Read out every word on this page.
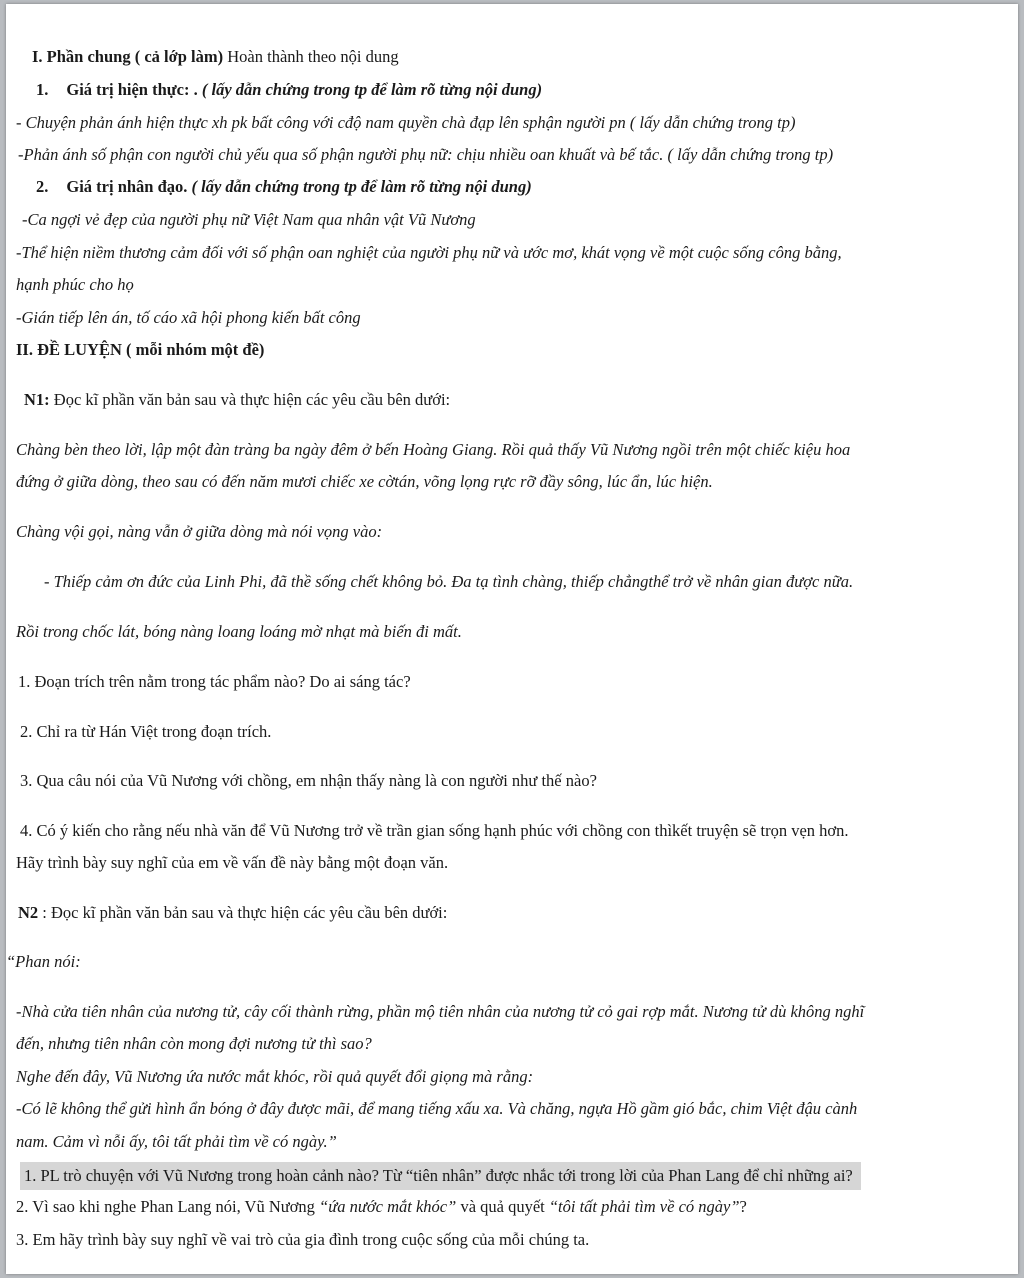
I. Phần chung ( cả lớp làm) Hoàn thành theo nội dung
1. Giá trị hiện thực: . ( lấy dẫn chứng trong tp để làm rõ từng nội dung)
- Chuyện phản ánh hiện thực xh pk bất công với cđộ nam quyền chà đạp lên sphận người pn ( lấy dẫn chứng trong tp)
-Phản ánh số phận con người chủ yếu qua số phận người phụ nữ: chịu nhiều oan khuất và bế tắc. ( lấy dẫn chứng trong tp)
2. Giá trị nhân đạo. ( lấy dẫn chứng trong tp để làm rõ từng nội dung)
-Ca ngợi vẻ đẹp của người phụ nữ Việt Nam qua nhân vật Vũ Nương
-Thể hiện niềm thương cảm đối với số phận oan nghiệt của người phụ nữ và ước mơ, khát vọng về một cuộc sống công bằng,
hạnh phúc cho họ
-Gián tiếp lên án, tố cáo xã hội phong kiến bất công
II. ĐỀ LUYỆN ( mỗi nhóm một đề)
N1: Đọc kĩ phần văn bản sau và thực hiện các yêu cầu bên dưới:
Chàng bèn theo lời, lập một đàn tràng ba ngày đêm ở bến Hoàng Giang. Rồi quả thấy Vũ Nương ngồi trên một chiếc kiệu hoa
đứng ở giữa dòng, theo sau có đến năm mươi chiếc xe cờtán, võng lọng rực rỡ đầy sông, lúc ẩn, lúc hiện.
Chàng vội gọi, nàng vẫn ở giữa dòng mà nói vọng vào:
- Thiếp cảm ơn đức của Linh Phi, đã thề sống chết không bỏ. Đa tạ tình chàng, thiếp chẳngthể trở về nhân gian được nữa.
Rồi trong chốc lát, bóng nàng loang loáng mờ nhạt mà biến đi mất.
1. Đoạn trích trên nằm trong tác phẩm nào? Do ai sáng tác?
2. Chỉ ra từ Hán Việt trong đoạn trích.
3. Qua câu nói của Vũ Nương với chồng, em nhận thấy nàng là con người như thế nào?
4. Có ý kiến cho rằng nếu nhà văn để Vũ Nương trở về trần gian sống hạnh phúc với chồng con thìkết truyện sẽ trọn vẹn hơn.
Hãy trình bày suy nghĩ của em về vấn đề này bằng một đoạn văn.
N2 : Đọc kĩ phần văn bản sau và thực hiện các yêu cầu bên dưới:
“Phan nói:
-Nhà cửa tiên nhân của nương tử, cây cối thành rừng, phần mộ tiên nhân của nương tử cỏ gai rợp mắt. Nương tử dù không nghĩ
đến, nhưng tiên nhân còn mong đợi nương tử thì sao?
Nghe đến đây, Vũ Nương ứa nước mắt khóc, rồi quả quyết đổi giọng mà rằng:
-Có lẽ không thể gửi hình ẩn bóng ở đây được mãi, để mang tiếng xấu xa. Và chăng, ngựa Hồ gầm gió bắc, chim Việt đậu cành
nam. Cảm vì nỗi ấy, tôi tất phải tìm về có ngày.”
1. PL trò chuyện với Vũ Nương trong hoàn cảnh nào? Từ “tiên nhân” được nhắc tới trong lời của Phan Lang để chỉ những ai?
2. Vì sao khi nghe Phan Lang nói, Vũ Nương “ứa nước mắt khóc” và quả quyết “tôi tất phải tìm về có ngày”?
3. Em hãy trình bày suy nghĩ về vai trò của gia đình trong cuộc sống của mỗi chúng ta.
